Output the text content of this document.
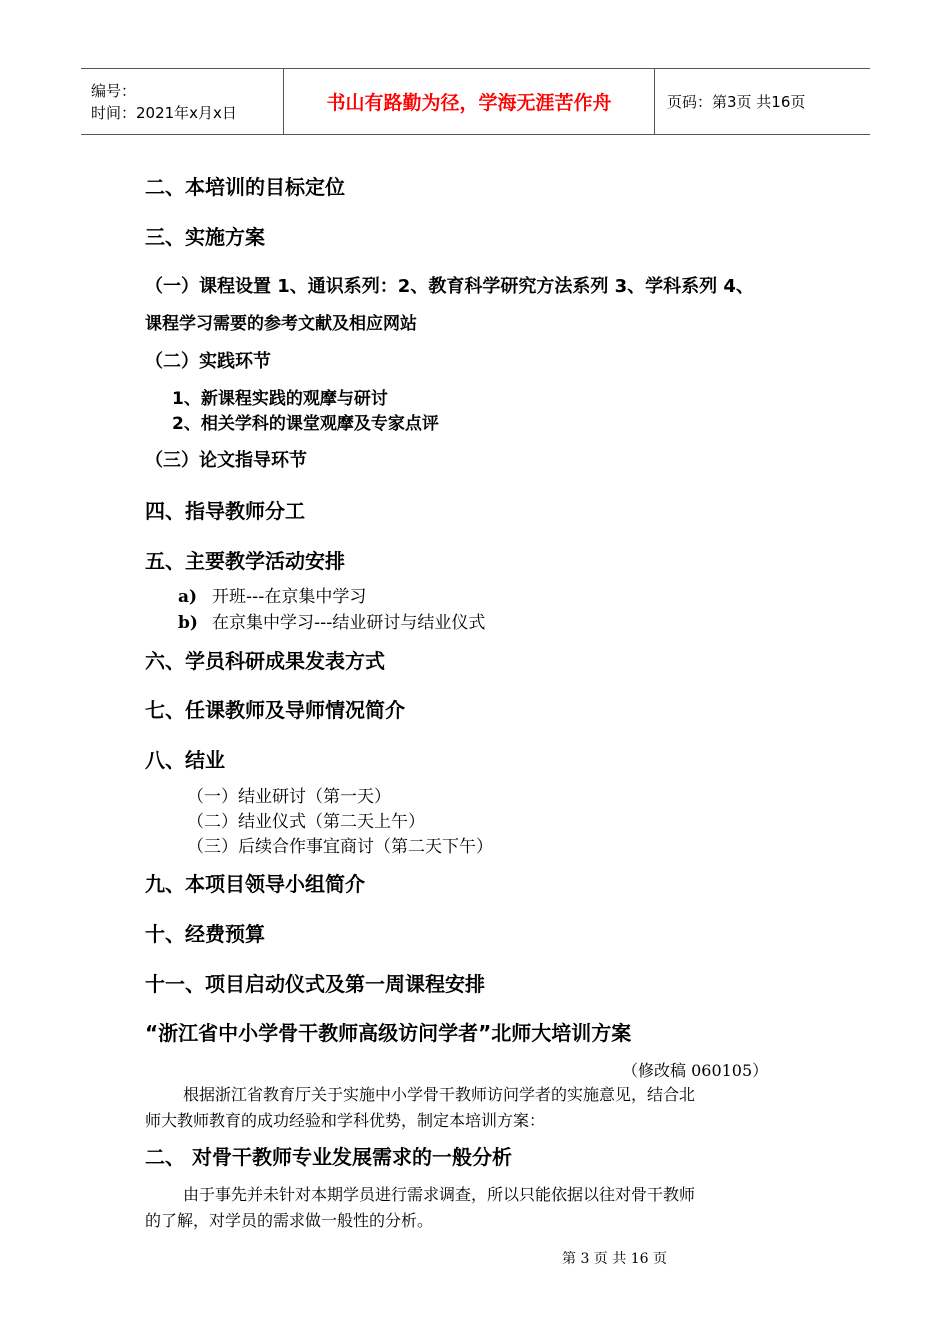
编号：
时间：2021年x月x日	书山有路勤为径，学海无涯苦作舟	页码：第3页 共16页
二、本培训的目标定位
三、实施方案
（一）课程设置 1、通识系列：2、教育科学研究方法系列 3、学科系列 4、
课程学习需要的参考文献及相应网站
（二）实践环节
1、新课程实践的观摩与研讨
2、相关学科的课堂观摩及专家点评
（三）论文指导环节
四、指导教师分工
五、主要教学活动安排
a) 开班---在京集中学习
b) 在京集中学习---结业研讨与结业仪式
六、学员科研成果发表方式
七、任课教师及导师情况简介
八、结业
（一）结业研讨（第一天）
（二）结业仪式（第二天上午）
（三）后续合作事宜商讨（第二天下午）
九、本项目领导小组简介
十、经费预算
十一、项目启动仪式及第一周课程安排
“浙江省中小学骨干教师高级访问学者”北师大培训方案
（修改稿 060105）
根据浙江省教育厅关于实施中小学骨干教师访问学者的实施意见，结合北
师大教师教育的成功经验和学科优势，制定本培训方案：
二、 对骨干教师专业发展需求的一般分析
由于事先并未针对本期学员进行需求调查，所以只能依据以往对骨干教师
的了解，对学员的需求做一般性的分析。
第 3 页 共 16 页
